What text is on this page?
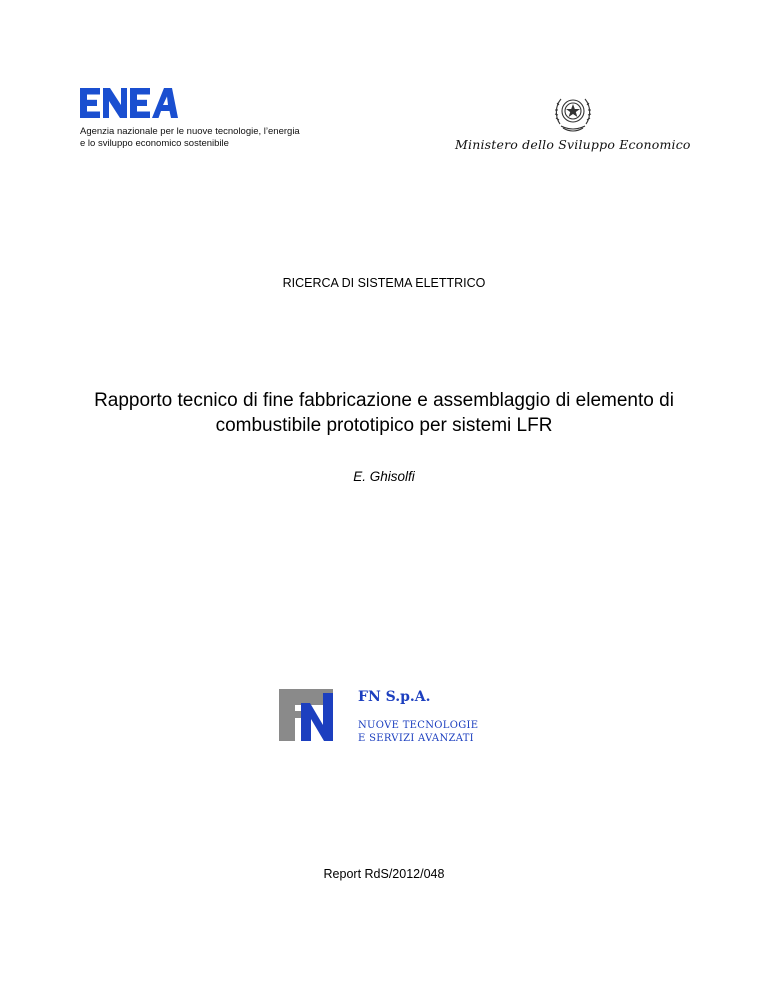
Agenzia nazionale per le nuove tecnologie, l’energia
e lo sviluppo economico sostenibile	Ministero dello Sviluppo Economico
RICERCA DI SISTEMA ELETTRICO
Rapporto tecnico di fine fabbricazione e assemblaggio di elemento di
combustibile prototipico per sistemi LFR
E. Ghisolfi
FN S.p.A.
NUOVE TECNOLOGIE
E SERVIZI AVANZATI
Report RdS/2012/048
